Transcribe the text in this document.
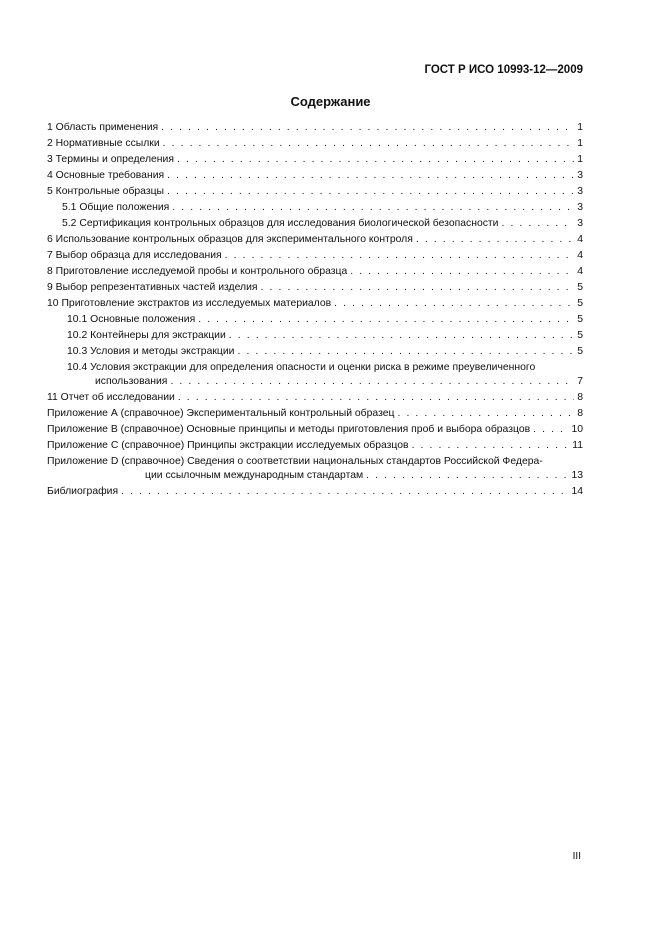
ГОСТ Р ИСО 10993-12—2009
Содержание
1 Область применения . . .	1
2 Нормативные ссылки . . .	1
3 Термины и определения . . .	1
4 Основные требования . . .	3
5 Контрольные образцы . . .	3
5.1 Общие положения . . .	3
5.2 Сертификация контрольных образцов для исследования биологической безопасности . . .	3
6 Использование контрольных образцов для экспериментального контроля . . .	4
7 Выбор образца для исследования . . .	4
8 Приготовление исследуемой пробы и контрольного образца . . .	4
9 Выбор репрезентативных частей изделия . . .	5
10 Приготовление экстрактов из исследуемых материалов . . .	5
10.1 Основные положения . . .	5
10.2 Контейнеры для экстракции . . .	5
10.3 Условия и методы экстракции . . .	5
10.4 Условия экстракции для определения опасности и оценки риска в режиме преувеличенного
использования . . .	7
11 Отчет об исследовании . . .	8
Приложение А (справочное) Экспериментальный контрольный образец . . .	8
Приложение В (справочное) Основные принципы и методы приготовления проб и выбора образцов . . .	10
Приложение С (справочное) Принципы экстракции исследуемых образцов . . .	11
Приложение D (справочное) Сведения о соответствии национальных стандартов Российской Федера-
ции ссылочным международным стандартам . . .	13
Библиография . . .	14
III
